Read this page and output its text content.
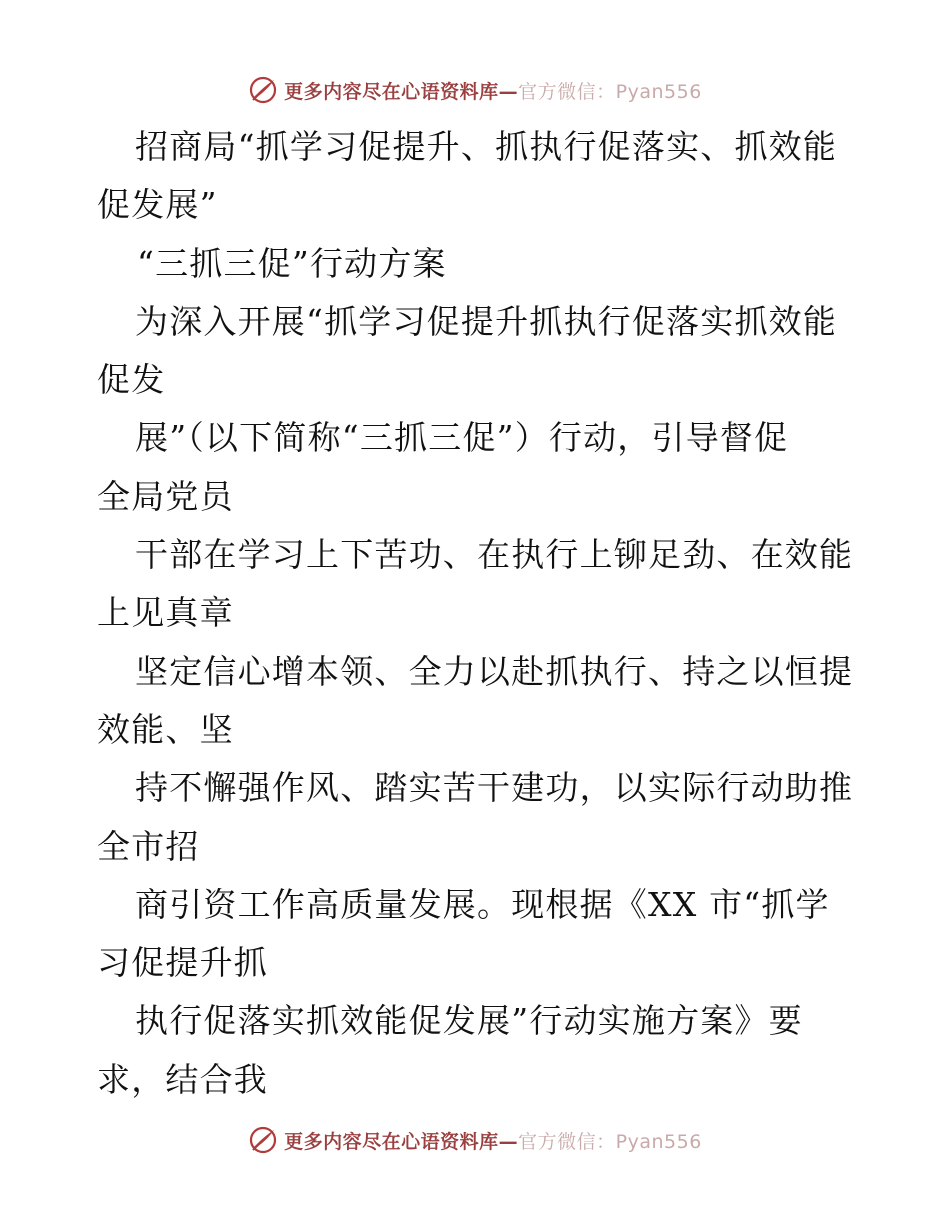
更多内容尽在心语资料库—官方微信：Pyan556
招商局“抓学习促提升、抓执行促落实、抓效能
促发展”
“三抓三促”行动方案
为深入开展“抓学习促提升抓执行促落实抓效能
促发
展”（以下简称“三抓三促”）行动，引导督促
全局党员
干部在学习上下苦功、在执行上铆足劲、在效能
上见真章
坚定信心增本领、全力以赴抓执行、持之以恒提
效能、坚
持不懈强作风、踏实苦干建功，以实际行动助推
全市招
商引资工作高质量发展。现根据《XX 市“抓学
习促提升抓
执行促落实抓效能促发展”行动实施方案》要
求，结合我
更多内容尽在心语资料库—官方微信：Pyan556
